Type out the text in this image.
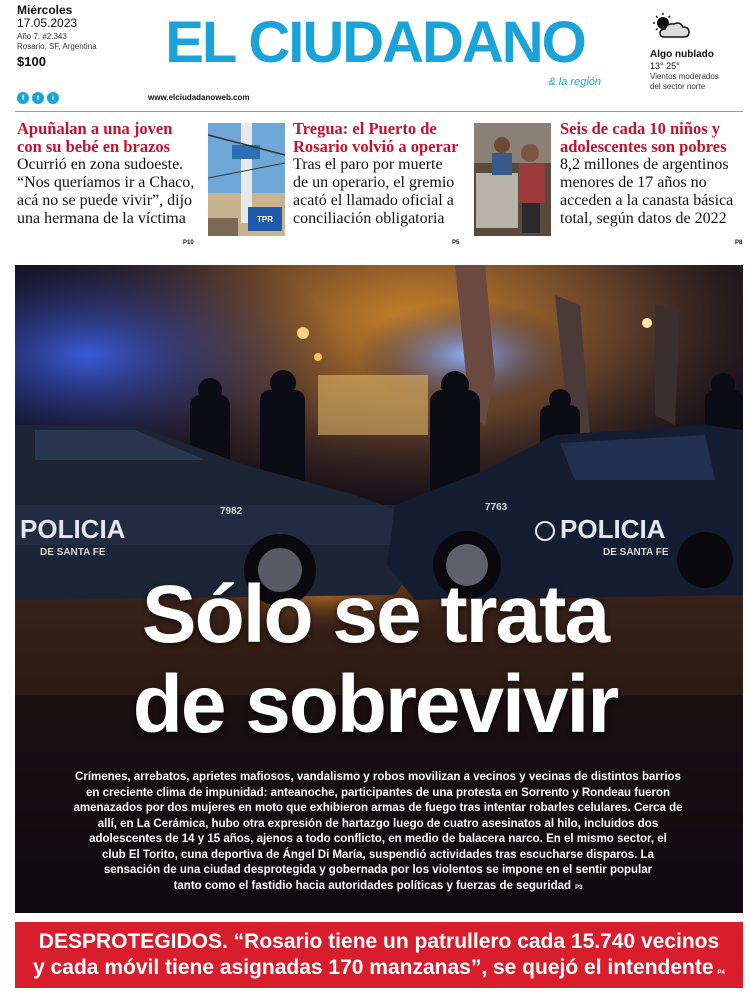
Miércoles
17.05.2023
Año 7. #2.343
Rosario, SF, Argentina
$100
f	t	i
EL CIUDADANO
& la región
www.elciudadanoweb.com
Algo nublado
13° 25°
Vientos moderados
del sector norte
Apuñalan a una joven
con su bebé en brazos
Ocurrió en zona sudoeste.
“Nos queríamos ir a Chaco,
acá no se puede vivir”, dijo
una hermana de la víctima
P10
TPR
Tregua: el Puerto de
Rosario volvió a operar
Tras el paro por muerte
de un operario, el gremio
acató el llamado oficial a
conciliación obligatoria
P5
Seis de cada 10 niños y
adolescentes son pobres
8,2 millones de argentinos
menores de 17 años no
acceden a la canasta básica
total, según datos de 2022
P8
POLICIA
DE SANTA FE
7982
POLICIA
DE SANTA FE
7763
Sólo se trata
de sobrevivir
Crímenes, arrebatos, aprietes mafiosos, vandalismo y robos movilizan a vecinos y vecinas de distintos barrios
en creciente clima de impunidad: anteanoche, participantes de una protesta en Sorrento y Rondeau fueron
amenazados por dos mujeres en moto que exhibieron armas de fuego tras intentar robarles celulares. Cerca de
allí, en La Cerámica, hubo otra expresión de hartazgo luego de cuatro asesinatos al hilo, incluidos dos
adolescentes de 14 y 15 años, ajenos a todo conflicto, en medio de balacera narco. En el mismo sector, el
club El Torito, cuna deportiva de Ángel Di María, suspendió actividades tras escucharse disparos. La
sensación de una ciudad desprotegida y gobernada por los violentos se impone en el sentir popular
tanto como el fastidio hacia autoridades políticas y fuerzas de seguridad P3
DESPROTEGIDOS. “Rosario tiene un patrullero cada 15.740 vecinos
y cada móvil tiene asignadas 170 manzanas”, se quejó el intendente P4
